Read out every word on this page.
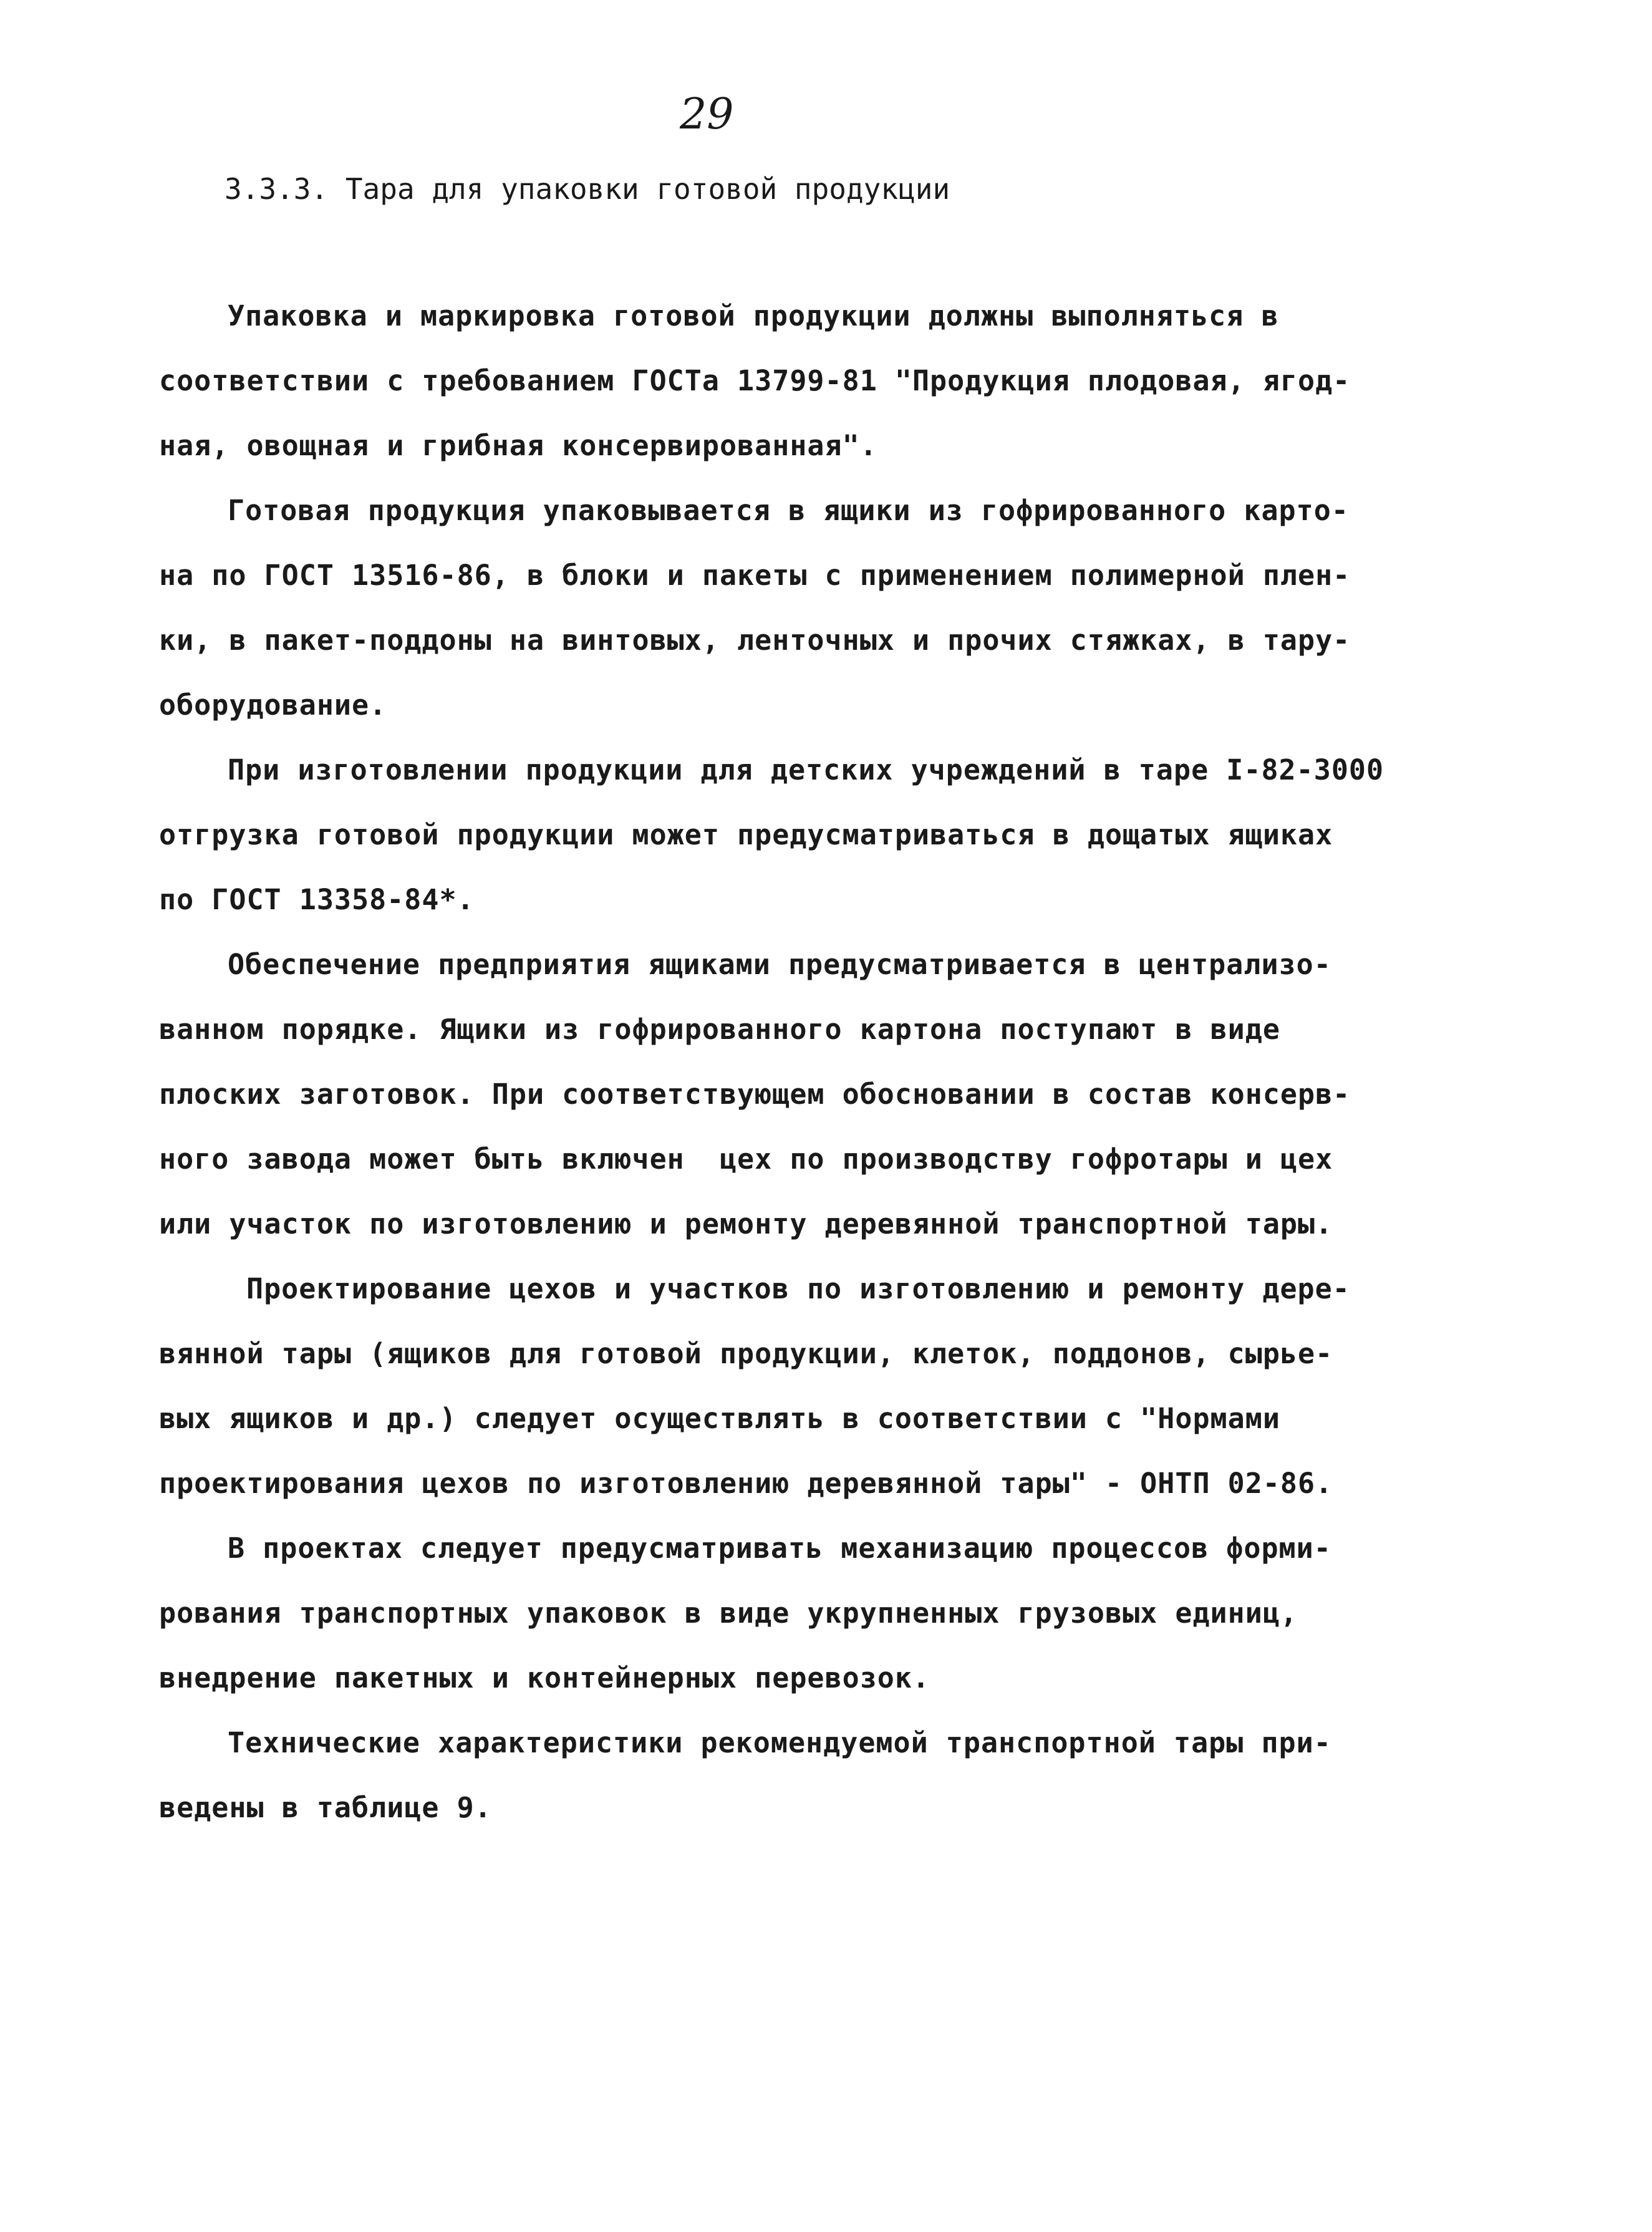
29
3.3.3. Тара для упаковки готовой продукции
Упаковка и маркировка готовой продукции должны выполняться в
соответствии с требованием ГОСТа 13799-81 "Продукция плодовая, ягод-
ная, овощная и грибная консервированная".
Готовая продукция упаковывается в ящики из гофрированного карто-
на по ГОСТ 13516-86, в блоки и пакеты с применением полимерной плен-
ки, в пакет-поддоны на винтовых, ленточных и прочих стяжках, в тару-
оборудование.
При изготовлении продукции для детских учреждений в таре I-82-3000
отгрузка готовой продукции может предусматриваться в дощатых ящиках
по ГОСТ 13358-84*.
Обеспечение предприятия ящиками предусматривается в централизо-
ванном порядке. Ящики из гофрированного картона поступают в виде
плоских заготовок. При соответствующем обосновании в состав консерв-
ного завода может быть включен  цех по производству гофротары и цех
или участок по изготовлению и ремонту деревянной транспортной тары.
Проектирование цехов и участков по изготовлению и ремонту дере-
вянной тары (ящиков для готовой продукции, клеток, поддонов, сырье-
вых ящиков и др.) следует осуществлять в соответствии с "Нормами
проектирования цехов по изготовлению деревянной тары" - ОНТП 02-86.
В проектах следует предусматривать механизацию процессов форми-
рования транспортных упаковок в виде укрупненных грузовых единиц,
внедрение пакетных и контейнерных перевозок.
Технические характеристики рекомендуемой транспортной тары при-
ведены в таблице 9.
